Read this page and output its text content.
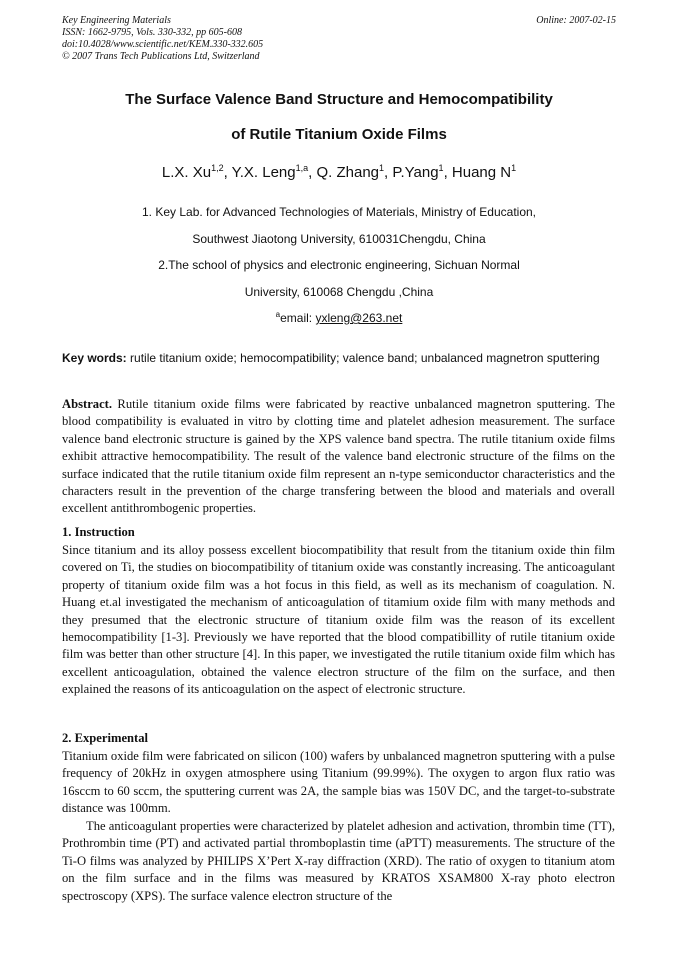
Key Engineering Materials
ISSN: 1662-9795, Vols. 330-332, pp 605-608
doi:10.4028/www.scientific.net/KEM.330-332.605
© 2007 Trans Tech Publications Ltd, Switzerland
Online: 2007-02-15
The Surface Valence Band Structure and Hemocompatibility
of Rutile Titanium Oxide Films
L.X. Xu$^{1,2}$, Y.X. Leng$^{1,a}$, Q. Zhang$^1$, P.Yang$^1$, Huang $N^1$
1. Key Lab. for Advanced Technologies of Materials, Ministry of Education,
Southwest Jiaotong University, 610031Chengdu, China
2.The school of physics and electronic engineering, Sichuan Normal
University, 610068 Chengdu ,China
$^a$email: yxleng@263.net

Key words: rutile titanium oxide; hemocompatibility; valence band; unbalanced magnetron sputtering

Abstract. Rutile titanium oxide films were fabricated by reactive unbalanced magnetron sputtering. The blood compatibility is evaluated in vitro by clotting time and platelet adhesion measurement. The surface valence band electronic structure is gained by the XPS valence band spectra. The rutile titanium oxide films exhibit attractive hemocompatibility. The result of the valence band electronic structure of the films on the surface indicated that the rutile titanium oxide film represent an n-type semiconductor characteristics and the characters result in the prevention of the charge transfering between the blood and materials and overall excellent antithrombogenic properties.

1. Instruction

Since titanium and its alloy possess excellent biocompatibility that result from the titanium oxide thin film covered on Ti, the studies on biocompatibility of titanium oxide was constantly increasing. The anticoagulant property of titanium oxide film was a hot focus in this field, as well as its mechanism of coagulation. N. Huang et.al investigated the mechanism of anticoagulation of titamium oxide film with many methods and they presumed that the electronic structure of titanium oxide film was the reason of its excellent hemocompatibility [1-3]. Previously we have reported that the blood compatibillity of rutile titanium oxide film was better than other structure [4]. In this paper, we investigated the rutile titanium oxide film which has excellent anticoagulation, obtained the valence electron structure of the film on the surface, and then explained the reasons of its anticoagulation on the aspect of electronic structure.

2. Experimental

Titanium oxide film were fabricated on silicon (100) wafers by unbalanced magnetron sputtering with a pulse frequency of 20kHz in oxygen atmosphere using Titanium (99.99%). The oxygen to argon flux ratio was 16sccm to 60 sccm, the sputtering current was 2A, the sample bias was 150V DC, and the target-to-substrate distance was 100mm.

The anticoagulant properties were characterized by platelet adhesion and activation, thrombin time (TT), Prothrombin time (PT) and activated partial thromboplastin time (aPTT) measurements. The structure of the Ti-O films was analyzed by PHILIPS X’Pert X-ray diffraction (XRD). The ratio of oxygen to titanium atom on the film surface and in the films was measured by KRATOS XSAM800 X-ray photo electron spectroscopy (XPS). The surface valence electron structure of the
